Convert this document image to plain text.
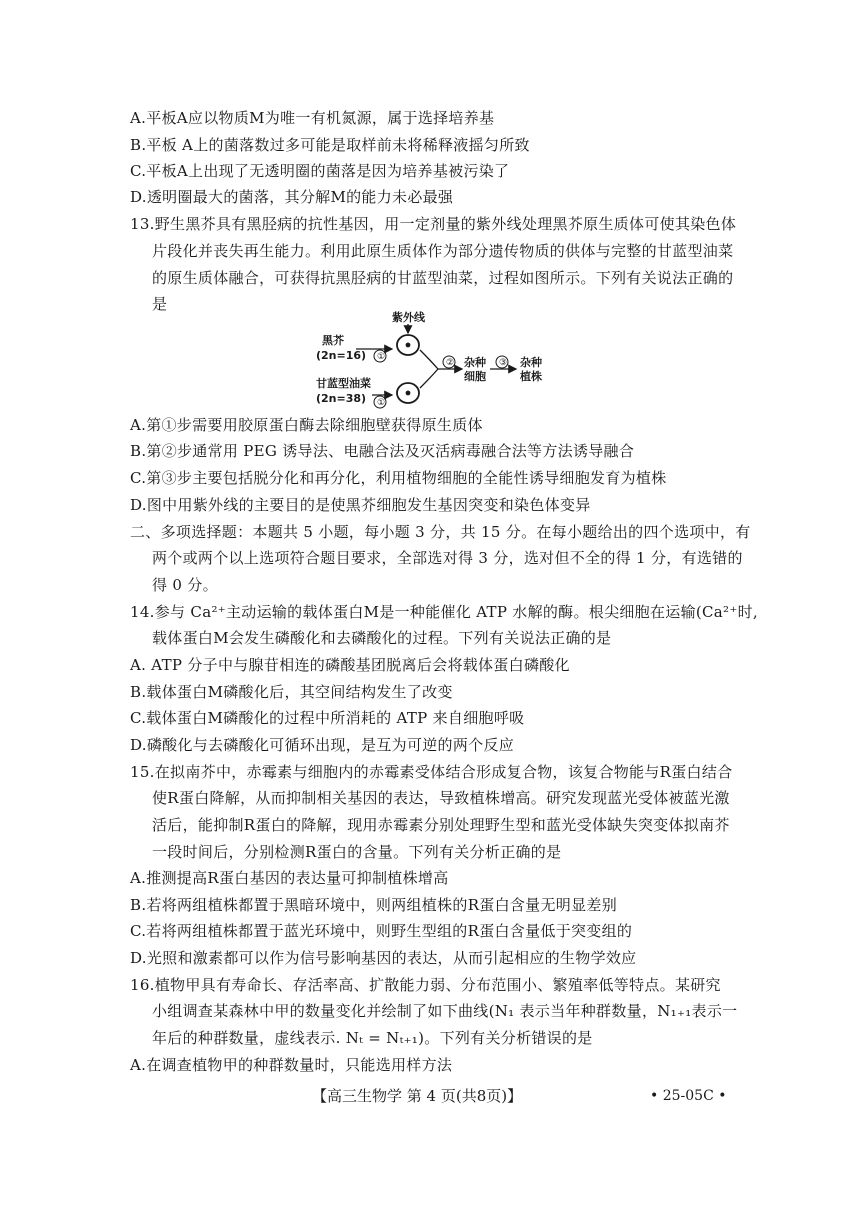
A.平板A应以物质M为唯一有机氮源，属于选择培养基
B.平板 A上的菌落数过多可能是取样前未将稀释液摇匀所致
C.平板A上出现了无透明圈的菌落是因为培养基被污染了
D.透明圈最大的菌落，其分解M的能力未必最强
13.野生黑芥具有黑胫病的抗性基因，用一定剂量的紫外线处理黑芥原生质体可使其染色体
片段化并丧失再生能力。利用此原生质体作为部分遗传物质的供体与完整的甘蓝型油菜
的原生质体融合，可获得抗黑胫病的甘蓝型油菜，过程如图所示。下列有关说法正确的
是
紫外线
黑芥
(2n=16) ①
甘蓝型油菜
(2n=38) ①
② 杂种
细胞
③ 杂种
植株
A.第①步需要用胶原蛋白酶去除细胞壁获得原生质体
B.第②步通常用 PEG 诱导法、电融合法及灭活病毒融合法等方法诱导融合
C.第③步主要包括脱分化和再分化，利用植物细胞的全能性诱导细胞发育为植株
D.图中用紫外线的主要目的是使黑芥细胞发生基因突变和染色体变异
二、多项选择题：本题共 5 小题，每小题 3 分，共 15 分。在每小题给出的四个选项中，有
两个或两个以上选项符合题目要求，全部选对得 3 分，选对但不全的得 1 分，有选错的
得 0 分。
14.参与 Ca²⁺主动运输的载体蛋白M是一种能催化 ATP 水解的酶。根尖细胞在运输(Ca²⁺时,
载体蛋白M会发生磷酸化和去磷酸化的过程。下列有关说法正确的是
A. ATP 分子中与腺苷相连的磷酸基团脱离后会将载体蛋白磷酸化
B.载体蛋白M磷酸化后，其空间结构发生了改变
C.载体蛋白M磷酸化的过程中所消耗的 ATP 来自细胞呼吸
D.磷酸化与去磷酸化可循环出现，是互为可逆的两个反应
15.在拟南芥中，赤霉素与细胞内的赤霉素受体结合形成复合物，该复合物能与R蛋白结合
使R蛋白降解，从而抑制相关基因的表达，导致植株增高。研究发现蓝光受体被蓝光激
活后，能抑制R蛋白的降解，现用赤霉素分别处理野生型和蓝光受体缺失突变体拟南芥
一段时间后，分别检测R蛋白的含量。下列有关分析正确的是
A.推测提高R蛋白基因的表达量可抑制植株增高
B.若将两组植株都置于黑暗环境中，则两组植株的R蛋白含量无明显差别
C.若将两组植株都置于蓝光环境中，则野生型组的R蛋白含量低于突变组的
D.光照和激素都可以作为信号影响基因的表达，从而引起相应的生物学效应
16.植物甲具有寿命长、存活率高、扩散能力弱、分布范围小、繁殖率低等特点。某研究
小组调查某森林中甲的数量变化并绘制了如下曲线(N₁ 表示当年种群数量，N₁₊₁表示一
年后的种群数量，虚线表示. Nₜ = Nₜ₊₁)。下列有关分析错误的是
A.在调查植物甲的种群数量时，只能选用样方法
【高三生物学 第 4 页(共8页)】	• 25-05C •
